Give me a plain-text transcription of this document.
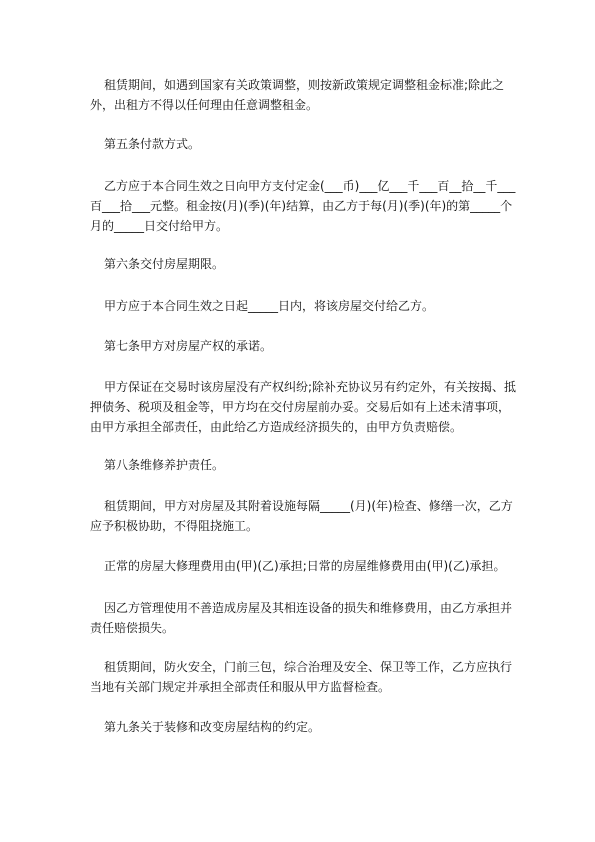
租赁期间，如遇到国家有关政策调整，则按新政策规定调整租金标准;除此之外，出租方不得以任何理由任意调整租金。

第五条付款方式。

乙方应于本合同生效之日向甲方支付定金(___币)___亿___千___百__拾__千___百___拾___元整。租金按(月)(季)(年)结算，由乙方于每(月)(季)(年)的第_____个月的_____日交付给甲方。

第六条交付房屋期限。

甲方应于本合同生效之日起_____日内，将该房屋交付给乙方。

第七条甲方对房屋产权的承诺。

甲方保证在交易时该房屋没有产权纠纷;除补充协议另有约定外，有关按揭、抵押债务、税项及租金等，甲方均在交付房屋前办妥。交易后如有上述未清事项，由甲方承担全部责任，由此给乙方造成经济损失的，由甲方负责赔偿。

第八条维修养护责任。

租赁期间，甲方对房屋及其附着设施每隔_____(月)(年)检查、修缮一次，乙方应予积极协助，不得阻挠施工。

正常的房屋大修理费用由(甲)(乙)承担;日常的房屋维修费用由(甲)(乙)承担。

因乙方管理使用不善造成房屋及其相连设备的损失和维修费用，由乙方承担并责任赔偿损失。

租赁期间，防火安全，门前三包，综合治理及安全、保卫等工作，乙方应执行当地有关部门规定并承担全部责任和服从甲方监督检查。

第九条关于装修和改变房屋结构的约定。
